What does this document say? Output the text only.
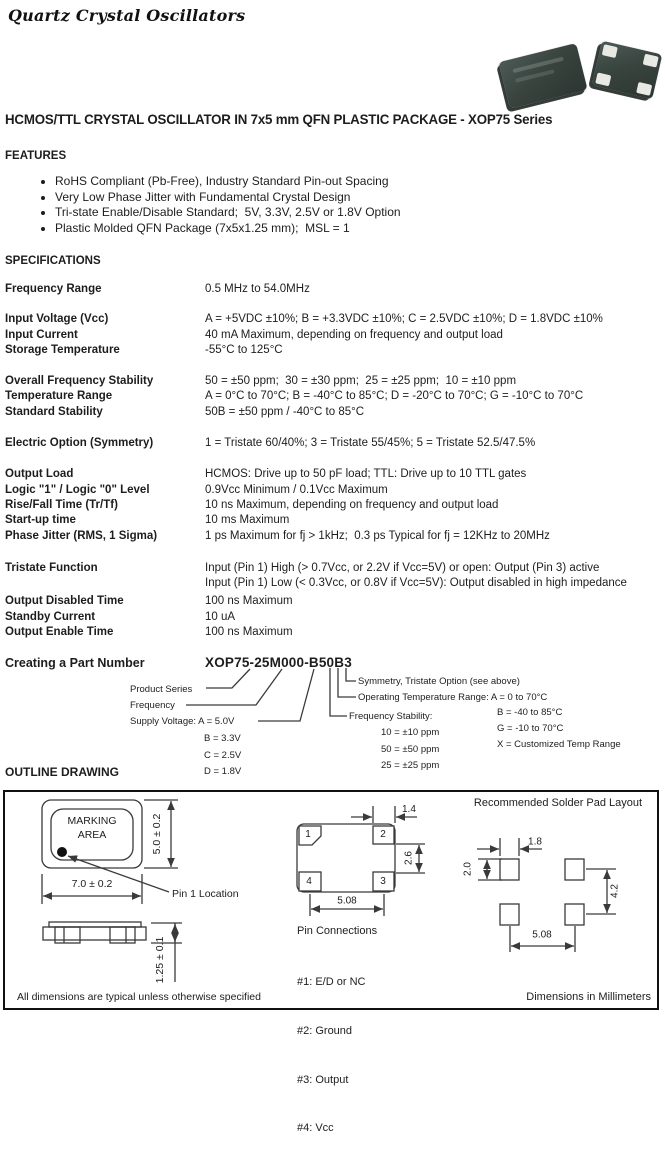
Quartz Crystal Oscillators
HCMOS/TTL CRYSTAL OSCILLATOR IN 7x5 mm QFN PLASTIC PACKAGE - XOP75 Series
FEATURES
• RoHS Compliant (Pb-Free), Industry Standard Pin-out Spacing
• Very Low Phase Jitter with Fundamental Crystal Design
• Tri-state Enable/Disable Standard;  5V, 3.3V, 2.5V or 1.8V Option
• Plastic Molded QFN Package (7x5x1.25 mm);  MSL = 1
SPECIFICATIONS
Frequency Range	0.5 MHz to 54.0MHz
Input Voltage (Vcc)	A = +5VDC ±10%; B = +3.3VDC ±10%; C = 2.5VDC ±10%; D = 1.8VDC ±10%
Input Current	40 mA Maximum, depending on frequency and output load
Storage Temperature	-55°C to 125°C
Overall Frequency Stability	50 = ±50 ppm;  30 = ±30 ppm;  25 = ±25 ppm;  10 = ±10 ppm
Temperature Range	A = 0°C to 70°C; B = -40°C to 85°C; D = -20°C to 70°C; G = -10°C to 70°C
Standard Stability	50B = ±50 ppm / -40°C to 85°C
Electric Option (Symmetry)	1 = Tristate 60/40%; 3 = Tristate 55/45%; 5 = Tristate 52.5/47.5%
Output Load	HCMOS: Drive up to 50 pF load; TTL: Drive up to 10 TTL gates
Logic "1" / Logic "0" Level	0.9Vcc Minimum / 0.1Vcc Maximum
Rise/Fall Time (Tr/Tf)	10 ns Maximum, depending on frequency and output load
Start-up time	10 ms Maximum
Phase Jitter (RMS, 1 Sigma)	1 ps Maximum for fj > 1kHz;  0.3 ps Typical for fj = 12KHz to 20MHz
Tristate Function	Input (Pin 1) High (> 0.7Vcc, or 2.2V if Vcc=5V) or open: Output (Pin 3) active
Input (Pin 1) Low (< 0.3Vcc, or 0.8V if Vcc=5V): Output disabled in high impedance
Output Disabled Time	100 ns Maximum
Standby Current	10 uA
Output Enable Time	100 ns Maximum
Creating a Part Number	XOP75-25M000-B50B3
Product Series
Frequency
Supply Voltage: A = 5.0V
B = 3.3V
C = 2.5V
D = 1.8V
Symmetry, Tristate Option (see above)
Operating Temperature Range: A = 0 to 70°C
B = -40 to 85°C
Frequency Stability:
G = -10 to 70°C
10 = ±10 ppm
X = Customized Temp Range
50 = ±50 ppm
25 = ±25 ppm
OUTLINE DRAWING
MARKING
AREA	5.0 ± 0.2
7.0 ± 0.2
Pin 1 Location
1.25 ± 0.1
All dimensions are typical unless otherwise specified
1	2
3
4
1.4
2.6
5.08
Pin Connections

#1: E/D or NC

#2: Ground

#3: Output

#4: Vcc

Recommended Solder Pad Layout
1.8
2.0
4.2
5.08
Dimensions in Millimeters
